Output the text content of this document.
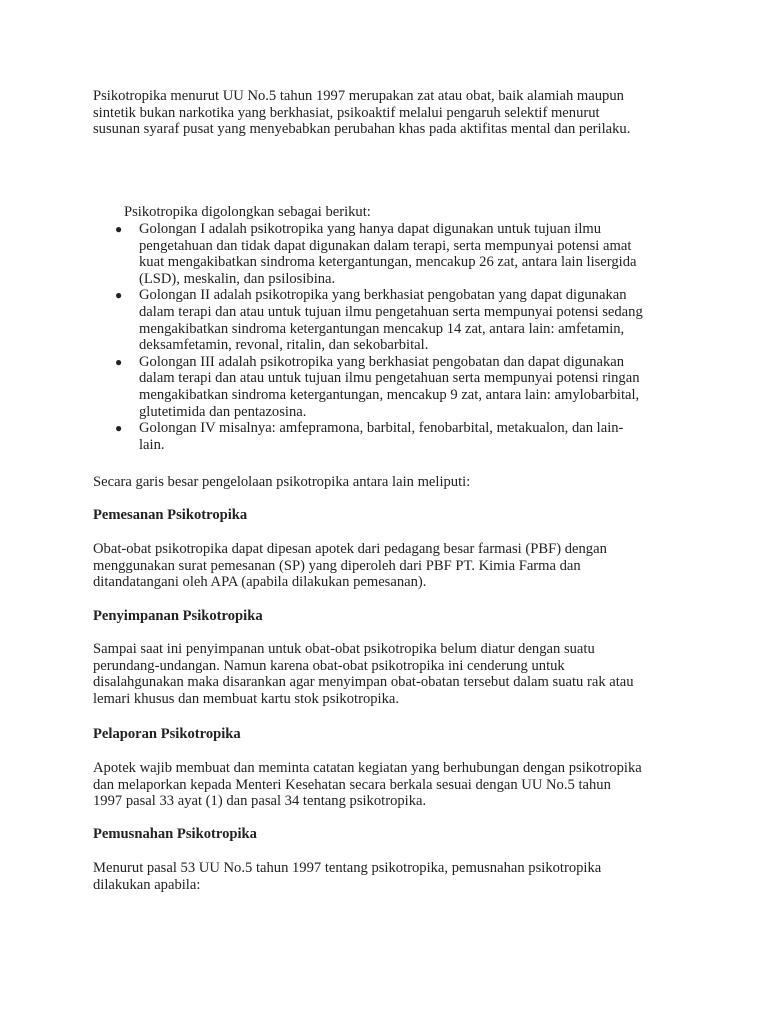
Psikotropika menurut UU No.5 tahun 1997 merupakan zat atau obat, baik alamiah maupun
sintetik bukan narkotika yang berkhasiat, psikoaktif melalui pengaruh selektif menurut
susunan syaraf pusat yang menyebabkan perubahan khas pada aktifitas mental dan perilaku.

Psikotropika digolongkan sebagai berikut:

● Golongan I adalah psikotropika yang hanya dapat digunakan untuk tujuan ilmu
pengetahuan dan tidak dapat digunakan dalam terapi, serta mempunyai potensi amat
kuat mengakibatkan sindroma ketergantungan, mencakup 26 zat, antara lain lisergida
(LSD), meskalin, dan psilosibina.
● Golongan II adalah psikotropika yang berkhasiat pengobatan yang dapat digunakan
dalam terapi dan atau untuk tujuan ilmu pengetahuan serta mempunyai potensi sedang
mengakibatkan sindroma ketergantungan mencakup 14 zat, antara lain: amfetamin,
deksamfetamin, revonal, ritalin, dan sekobarbital.
● Golongan III adalah psikotropika yang berkhasiat pengobatan dan dapat digunakan
dalam terapi dan atau untuk tujuan ilmu pengetahuan serta mempunyai potensi ringan
mengakibatkan sindroma ketergantungan, mencakup 9 zat, antara lain: amylobarbital,
glutetimida dan pentazosina.
● Golongan IV misalnya: amfepramona, barbital, fenobarbital, metakualon, dan lain-
lain.

Secara garis besar pengelolaan psikotropika antara lain meliputi:

Pemesanan Psikotropika

Obat-obat psikotropika dapat dipesan apotek dari pedagang besar farmasi (PBF) dengan
menggunakan surat pemesanan (SP) yang diperoleh dari PBF PT. Kimia Farma dan
ditandatangani oleh APA (apabila dilakukan pemesanan).

Penyimpanan Psikotropika

Sampai saat ini penyimpanan untuk obat-obat psikotropika belum diatur dengan suatu
perundang-undangan. Namun karena obat-obat psikotropika ini cenderung untuk
disalahgunakan maka disarankan agar menyimpan obat-obatan tersebut dalam suatu rak atau
lemari khusus dan membuat kartu stok psikotropika.

Pelaporan Psikotropika

Apotek wajib membuat dan meminta catatan kegiatan yang berhubungan dengan psikotropika
dan melaporkan kepada Menteri Kesehatan secara berkala sesuai dengan UU No.5 tahun
1997 pasal 33 ayat (1) dan pasal 34 tentang psikotropika.

Pemusnahan Psikotropika

Menurut pasal 53 UU No.5 tahun 1997 tentang psikotropika, pemusnahan psikotropika
dilakukan apabila:
